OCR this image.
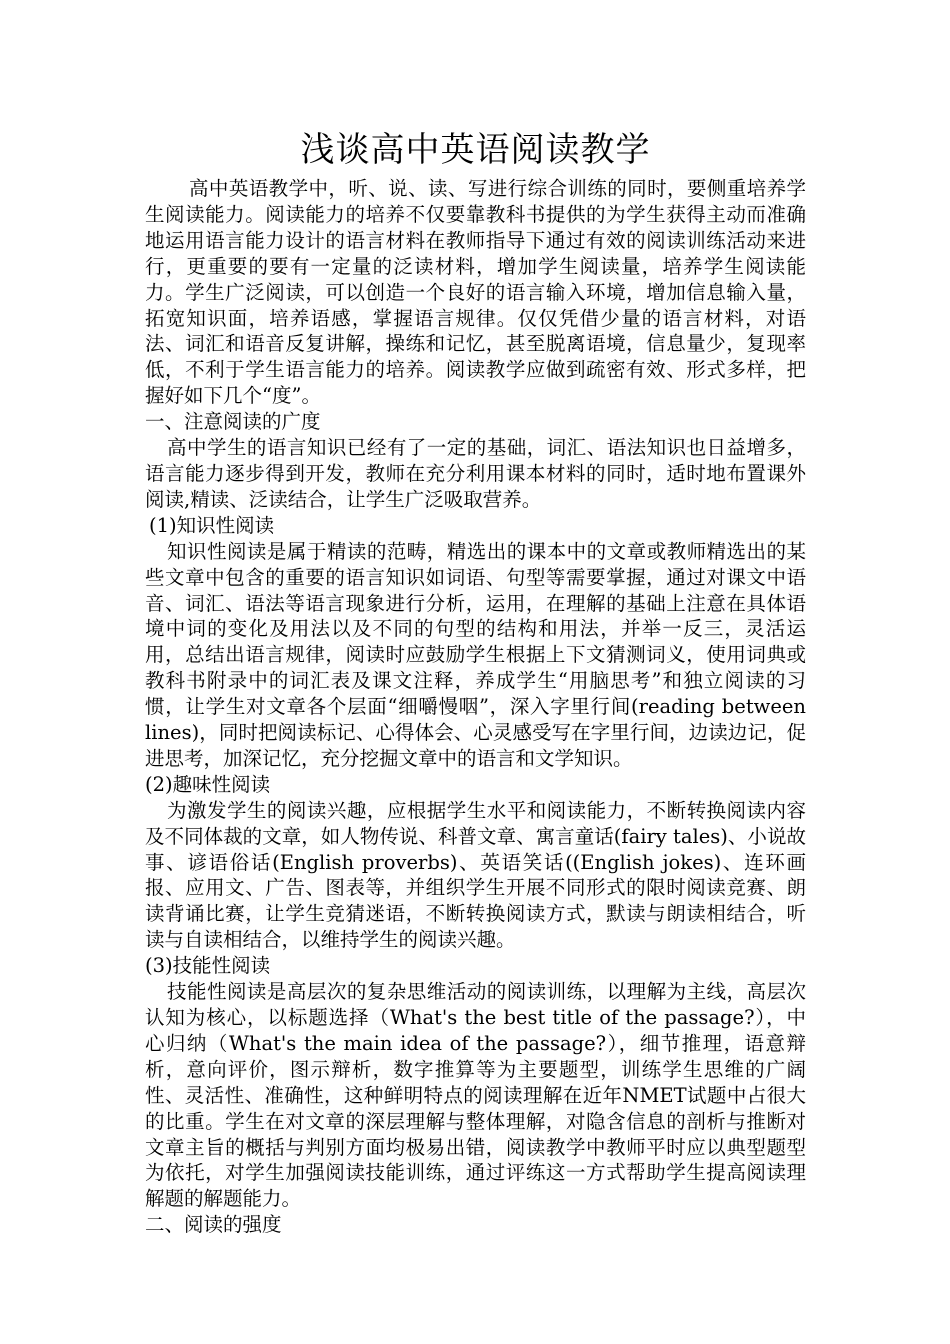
浅谈高中英语阅读教学

高中英语教学中，听、说、读、写进行综合训练的同时，要侧重培养学生阅读能力。阅读能力的培养不仅要靠教科书提供的为学生获得主动而准确地运用语言能力设计的语言材料在教师指导下通过有效的阅读训练活动来进行，更重要的要有一定量的泛读材料，增加学生阅读量，培养学生阅读能力。学生广泛阅读，可以创造一个良好的语言输入环境，增加信息输入量，拓宽知识面，培养语感，掌握语言规律。仅仅凭借少量的语言材料，对语法、词汇和语音反复讲解，操练和记忆，甚至脱离语境，信息量少，复现率低，不利于学生语言能力的培养。阅读教学应做到疏密有效、形式多样，把握好如下几个“度”。

一、注意阅读的广度

高中学生的语言知识已经有了一定的基础，词汇、语法知识也日益增多，语言能力逐步得到开发，教师在充分利用课本材料的同时，适时地布置课外阅读,精读、泛读结合，让学生广泛吸取营养。

(1)知识性阅读

知识性阅读是属于精读的范畴，精选出的课本中的文章或教师精选出的某些文章中包含的重要的语言知识如词语、句型等需要掌握，通过对课文中语音、词汇、语法等语言现象进行分析，运用，在理解的基础上注意在具体语境中词的变化及用法以及不同的句型的结构和用法，并举一反三，灵活运用，总结出语言规律，阅读时应鼓励学生根据上下文猜测词义，使用词典或教科书附录中的词汇表及课文注释，养成学生“用脑思考”和独立阅读的习惯，让学生对文章各个层面“细嚼慢咽”，深入字里行间(reading between lines)，同时把阅读标记、心得体会、心灵感受写在字里行间，边读边记，促进思考，加深记忆，充分挖掘文章中的语言和文学知识。

(2)趣味性阅读

为激发学生的阅读兴趣，应根据学生水平和阅读能力，不断转换阅读内容及不同体裁的文章，如人物传说、科普文章、寓言童话(fairy tales)、小说故事、谚语俗话(English proverbs)、英语笑话((English jokes)、连环画报、应用文、广告、图表等，并组织学生开展不同形式的限时阅读竞赛、朗读背诵比赛，让学生竞猜迷语，不断转换阅读方式，默读与朗读相结合，听读与自读相结合，以维持学生的阅读兴趣。

(3)技能性阅读

技能性阅读是高层次的复杂思维活动的阅读训练，以理解为主线，高层次认知为核心，以标题选择（What's the best title of the passage?），中心归纳（What's the main idea of the passage?），细节推理，语意辩析，意向评价，图示辩析，数字推算等为主要题型，训练学生思维的广阔性、灵活性、准确性，这种鲜明特点的阅读理解在近年NMET试题中占很大的比重。学生在对文章的深层理解与整体理解，对隐含信息的剖析与推断对文章主旨的概括与判别方面均极易出错，阅读教学中教师平时应以典型题型为依托，对学生加强阅读技能训练，通过评练这一方式帮助学生提高阅读理解题的解题能力。

二、阅读的强度
